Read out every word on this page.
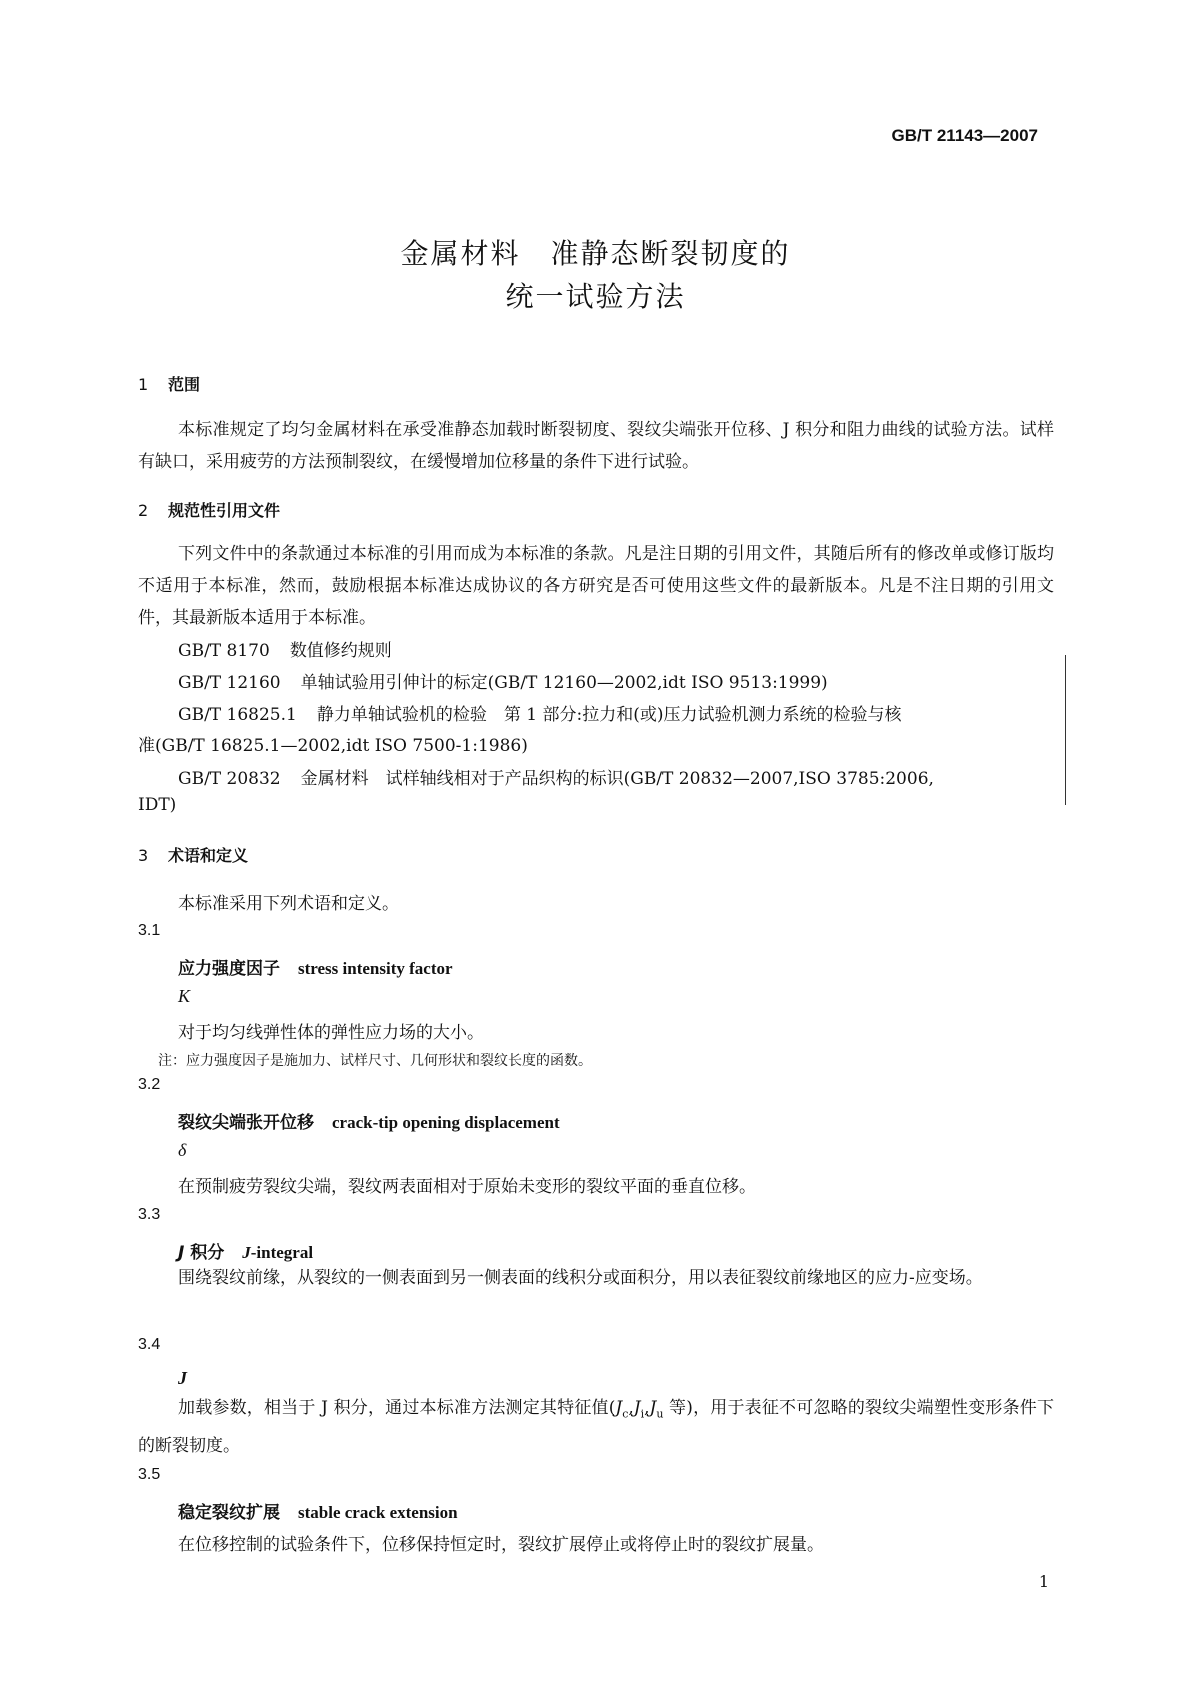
GB/T 21143—2007
金属材料　准静态断裂韧度的
统一试验方法
1 范围
本标准规定了均匀金属材料在承受准静态加载时断裂韧度、裂纹尖端张开位移、J 积分和阻力曲线的试验方法。试样有缺口，采用疲劳的方法预制裂纹，在缓慢增加位移量的条件下进行试验。
2 规范性引用文件
下列文件中的条款通过本标准的引用而成为本标准的条款。凡是注日期的引用文件，其随后所有的修改单或修订版均不适用于本标准，然而，鼓励根据本标准达成协议的各方研究是否可使用这些文件的最新版本。凡是不注日期的引用文件，其最新版本适用于本标准。
GB/T 8170 数值修约规则
GB/T 12160 单轴试验用引伸计的标定(GB/T 12160—2002,idt ISO 9513:1999)
GB/T 16825.1 静力单轴试验机的检验　第 1 部分:拉力和(或)压力试验机测力系统的检验与核
准(GB/T 16825.1—2002,idt ISO 7500-1:1986)
GB/T 20832 金属材料　试样轴线相对于产品织构的标识(GB/T 20832—2007,ISO 3785:2006,
IDT)
3 术语和定义
本标准采用下列术语和定义。
3.1
应力强度因子 stress intensity factor
K
对于均匀线弹性体的弹性应力场的大小。
注：应力强度因子是施加力、试样尺寸、几何形状和裂纹长度的函数。
3.2
裂纹尖端张开位移 crack-tip opening displacement
δ
在预制疲劳裂纹尖端，裂纹两表面相对于原始未变形的裂纹平面的垂直位移。
3.3
J 积分 J-integral
围绕裂纹前缘，从裂纹的一侧表面到另一侧表面的线积分或面积分，用以表征裂纹前缘地区的应力-应变场。
3.4
J
加载参数，相当于 J 积分，通过本标准方法测定其特征值($J_c,J_i,J_u$ 等)，用于表征不可忽略的裂纹尖端塑性变形条件下的断裂韧度。
3.5
稳定裂纹扩展 stable crack extension
在位移控制的试验条件下，位移保持恒定时，裂纹扩展停止或将停止时的裂纹扩展量。
1
